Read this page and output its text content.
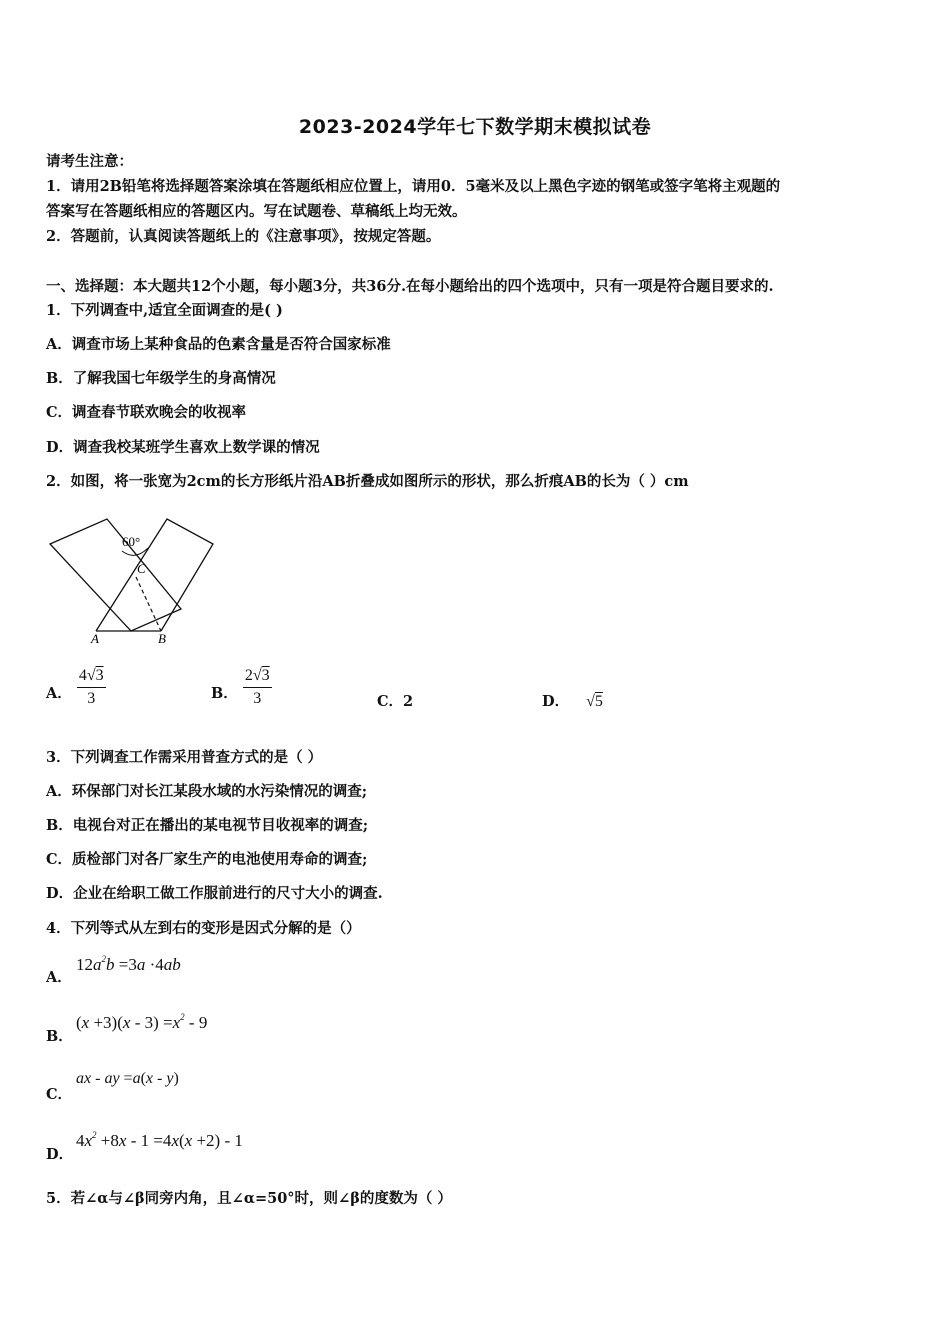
2023-2024学年七下数学期末模拟试卷
请考生注意：
1．请用2B铅笔将选择题答案涂填在答题纸相应位置上，请用0．5毫米及以上黑色字迹的钢笔或签字笔将主观题的
答案写在答题纸相应的答题区内。写在试题卷、草稿纸上均无效。
2．答题前，认真阅读答题纸上的《注意事项》，按规定答题。
一、选择题：本大题共12个小题，每小题3分，共36分.在每小题给出的四个选项中，只有一项是符合题目要求的.
1．下列调查中,适宜全面调查的是( )
A．调查市场上某种食品的色素含量是否符合国家标准
B．了解我国七年级学生的身高情况
C．调查春节联欢晚会的收视率
D．调查我校某班学生喜欢上数学课的情况
2．如图，将一张宽为2cm的长方形纸片沿AB折叠成如图所示的形状，那么折痕AB的长为（ ）cm
60°
C
A	B
A． $\frac{4√3}{3}$	B． $\frac{2√3}{3}$	C．2	D． √5
3．下列调查工作需采用普查方式的是（ ）
A．环保部门对长江某段水域的水污染情况的调查;
B．电视台对正在播出的某电视节目收视率的调查;
C．质检部门对各厂家生产的电池使用寿命的调查;
D．企业在给职工做工作服前进行的尺寸大小的调查.
4．下列等式从左到右的变形是因式分解的是（）
A．
$12a^2b =3a \cdot 4ab$
B．
$(x +3)(x - 3) =x^2 - 9$
C．
ax - ay =a(x - y)
D．
$4x^2 +8x - 1 =4x(x +2) - 1$
5．若∠α与∠β同旁内角，且∠α=50°时，则∠β的度数为（ ）
